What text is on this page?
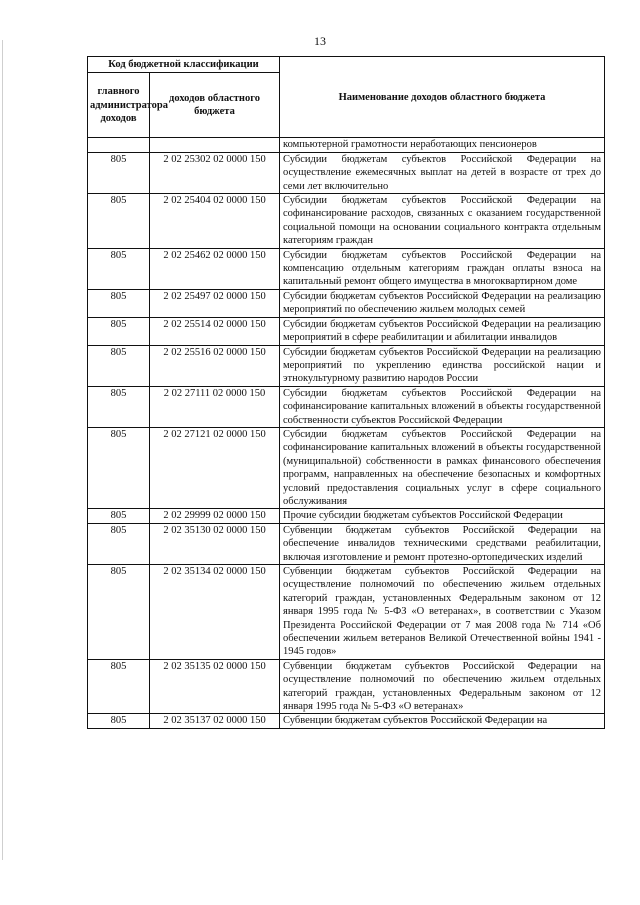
13
Код бюджетной классификации		Наименование доходов областного бюджета
главного администратора доходов	доходов областного бюджета	
		компьютерной грамотности неработающих пенсионеров
805	2 02 25302 02 0000 150	Субсидии бюджетам субъектов Российской Федерации на осуществление ежемесячных выплат на детей в возрасте от трех до семи лет включительно
805	2 02 25404 02 0000 150	Субсидии бюджетам субъектов Российской Федерации на софинансирование расходов, связанных с оказанием государственной социальной помощи на основании социального контракта отдельным категориям граждан
805	2 02 25462 02 0000 150	Субсидии бюджетам субъектов Российской Федерации на компенсацию отдельным категориям граждан оплаты взноса на капитальный ремонт общего имущества в многоквартирном доме
805	2 02 25497 02 0000 150	Субсидии бюджетам субъектов Российской Федерации на реализацию мероприятий по обеспечению жильем молодых семей
805	2 02 25514 02 0000 150	Субсидии бюджетам субъектов Российской Федерации на реализацию мероприятий в сфере реабилитации и абилитации инвалидов
805	2 02 25516 02 0000 150	Субсидии бюджетам субъектов Российской Федерации на реализацию мероприятий по укреплению единства российской нации и этнокультурному развитию народов России
805	2 02 27111 02 0000 150	Субсидии бюджетам субъектов Российской Федерации на софинансирование капитальных вложений в объекты государственной собственности субъектов Российской Федерации
805	2 02 27121 02 0000 150	Субсидии бюджетам субъектов Российской Федерации на софинансирование капитальных вложений в объекты государственной (муниципальной) собственности в рамках финансового обеспечения программ, направленных на обеспечение безопасных и комфортных условий предоставления социальных услуг в сфере социального обслуживания
805	2 02 29999 02 0000 150	Прочие субсидии бюджетам субъектов Российской Федерации
805	2 02 35130 02 0000 150	Субвенции бюджетам субъектов Российской Федерации на обеспечение инвалидов техническими средствами реабилитации, включая изготовление и ремонт протезно-ортопедических изделий
805	2 02 35134 02 0000 150	Субвенции бюджетам субъектов Российской Федерации на осуществление полномочий по обеспечению жильем отдельных категорий граждан, установленных Федеральным законом от 12 января 1995 года № 5-ФЗ «О ветеранах», в соответствии с Указом Президента Российской Федерации от 7 мая 2008 года № 714 «Об обеспечении жильем ветеранов Великой Отечественной войны 1941 - 1945 годов»
805	2 02 35135 02 0000 150	Субвенции бюджетам субъектов Российской Федерации на осуществление полномочий по обеспечению жильем отдельных категорий граждан, установленных Федеральным законом от 12 января 1995 года № 5-ФЗ «О ветеранах»
805	2 02 35137 02 0000 150	Субвенции бюджетам субъектов Российской Федерации на
